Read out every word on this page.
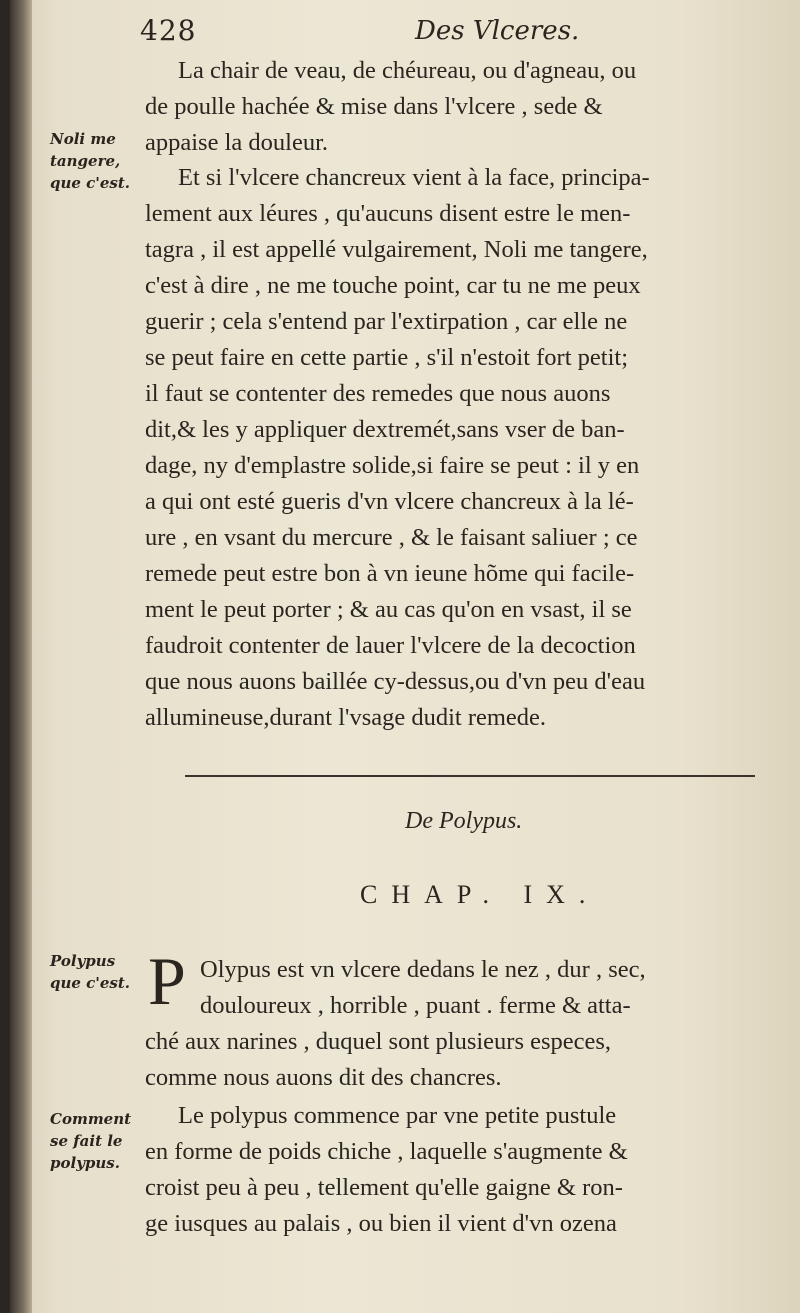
428	Des Vlceres.
La chair de veau, de chéureau, ou d'agneau, ou
de poulle hachée & mise dans l'vlcere , sede &
appaise la douleur.
Et si l'vlcere chancreux vient à la face, principa-
lement aux léures , qu'aucuns disent estre le men-
tagra , il est appellé vulgairement, Noli me tangere,
c'est à dire , ne me touche point, car tu ne me peux
guerir ; cela s'entend par l'extirpation , car elle ne
se peut faire en cette partie , s'il n'estoit fort petit;
il faut se contenter des remedes que nous auons
dit,& les y appliquer dextremét,sans vser de ban-
dage, ny d'emplastre solide,si faire se peut : il y en
a qui ont esté gueris d'vn vlcere chancreux à la lé-
ure , en vsant du mercure , & le faisant saliuer ; ce
remede peut estre bon à vn ieune hõme qui facile-
ment le peut porter ; & au cas qu'on en vsast, il se
faudroit contenter de lauer l'vlcere de la decoction
que nous auons baillée cy-dessus,ou d'vn peu d'eau
allumineuse,durant l'vsage dudit remede.
Noli me
tangere,
que c'est.
De Polypus.
CHAP. IX.
Polypus
que c'est. P Olypus est vn vlcere dedans le nez , dur , sec,
douloureux , horrible , puant . ferme & atta-
ché aux narines , duquel sont plusieurs especes,
comme nous auons dit des chancres.
Le polypus commence par vne petite pustule
en forme de poids chiche , laquelle s'augmente &
croist peu à peu , tellement qu'elle gaigne & ron-
ge iusques au palais , ou bien il vient d'vn ozena
Comment
se fait le
polypus.
